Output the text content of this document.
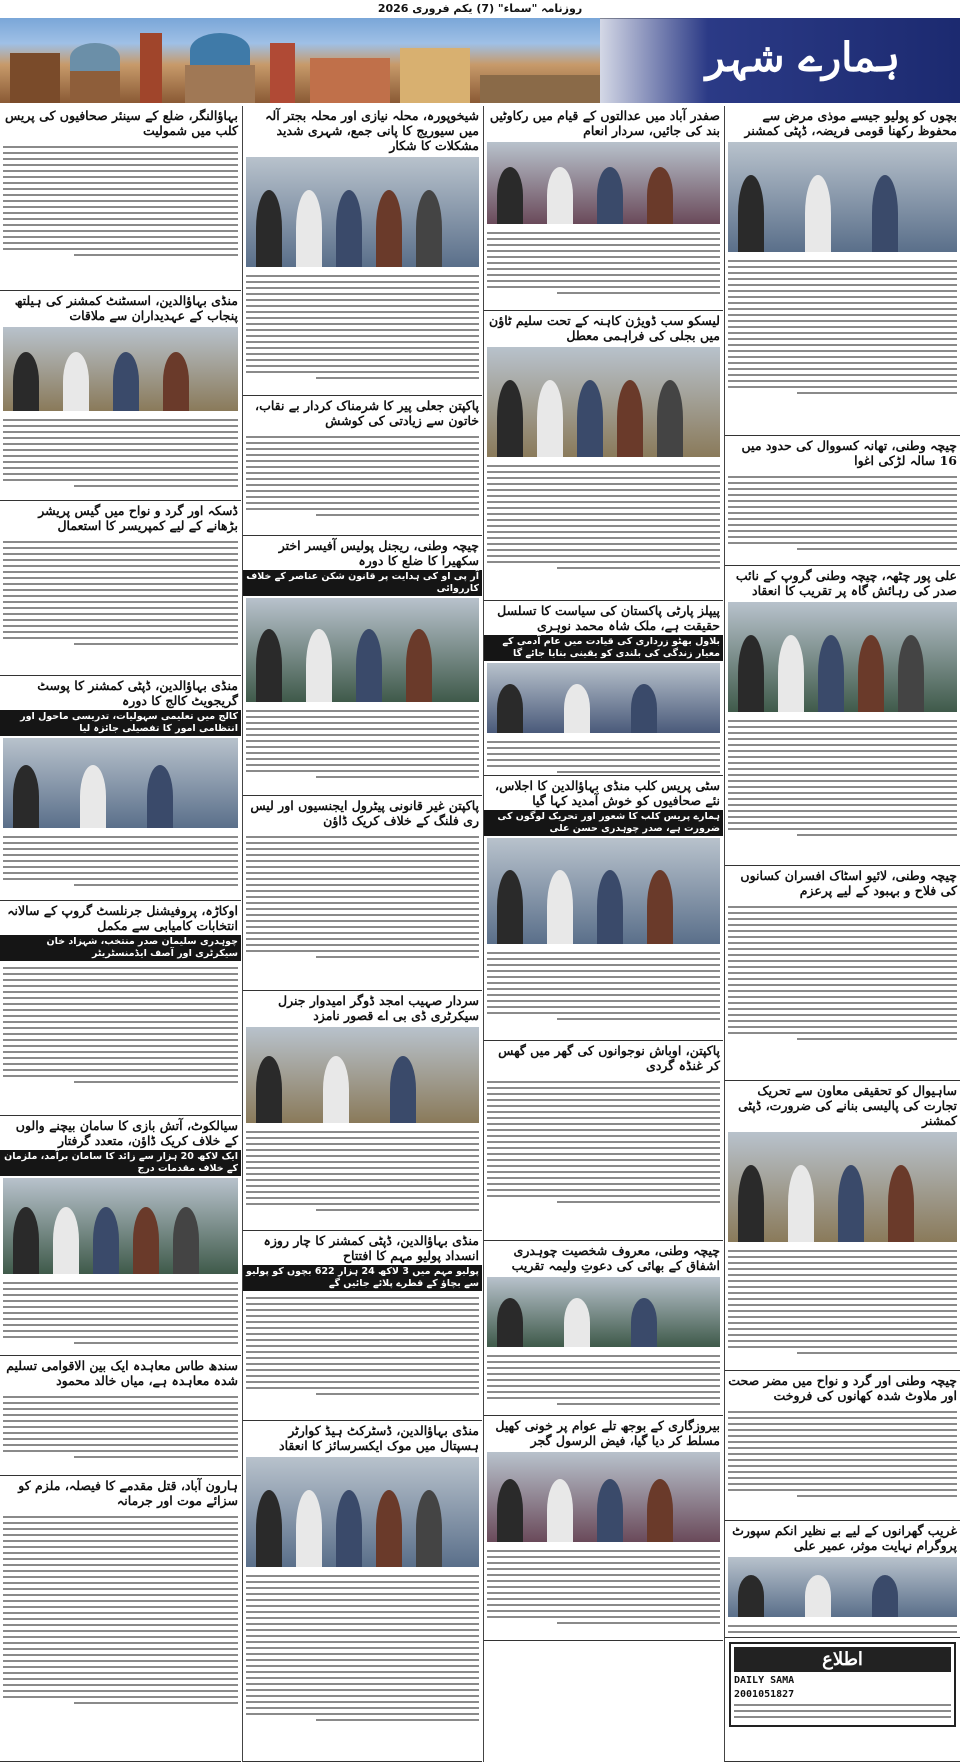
روزنامہ "سماء" (7) یکم فروری 2026
ہمارے شہر
بچوں کو پولیو جیسے موذی مرض سے محفوظ رکھنا قومی فریضہ، ڈپٹی کمشنر
چیچہ وطنی، تھانہ کسووال کی حدود میں 16 سالہ لڑکی اغوا
علی پور چٹھہ، چیچہ وطنی گروپ کے نائب صدر کی رہائش گاہ پر تقریب کا انعقاد
چیچہ وطنی، لائیو اسٹاک افسران کسانوں کی فلاح و بہبود کے لیے پرعزم
ساہیوال کو تحقیقی معاون سے تحریک تجارت کی پالیسی بنانے کی ضرورت، ڈپٹی کمشنر
چیچہ وطنی اور گرد و نواح میں مضر صحت اور ملاوٹ شدہ کھانوں کی فروخت
غریب گھرانوں کے لیے بے نظیر انکم سپورٹ پروگرام نہایت موثر، عمیر علی
اطلاع
DAILY SAMA
2001051827
صفدر آباد میں عدالتوں کے قیام میں رکاوٹیں بند کی جائیں، سردار انعام
لیسکو سب ڈویژن کاہنہ کے تحت سلیم ٹاؤن میں بجلی کی فراہمی معطل
پیپلز پارٹی پاکستان کی سیاست کا تسلسل حقیقت ہے، ملک شاہ محمد نوہری
بلاول بھٹو زرداری کی قیادت میں عام آدمی کے معیار زندگی کی بلندی کو یقینی بنایا جائے گا
سٹی پریس کلب منڈی بہاؤالدین کا اجلاس، نئے صحافیوں کو خوش آمدید کہا گیا
ہمارے پریس کلب کا شعور اور تحریک لوگوں کی ضرورت ہے، صدر چوہدری حسن علی
پاکپتن، اوباش نوجوانوں کی گھر میں گھس کر غنڈہ گردی
چیچہ وطنی، معروف شخصیت چوہدری اشفاق کے بھائی کی دعوتِ ولیمہ تقریب
بیروزگاری کے بوجھ تلے عوام پر خونی کھیل مسلط کر دیا گیا، فیض الرسول گجر
شیخوپورہ، محلہ نیازی اور محلہ بجتر آلہ میں سیوریج کا پانی جمع، شہری شدید مشکلات کا شکار
پاکپتن جعلی پیر کا شرمناک کردار بے نقاب، خاتون سے زیادتی کی کوشش
چیچہ وطنی، ریجنل پولیس آفیسر اختر سکھیرا کا ضلع کا دورہ
آر پی او کی ہدایت پر قانون شکن عناصر کے خلاف کارروائی
پاکپتن غیر قانونی پیٹرول ایجنسیوں اور لیس ری فلنگ کے خلاف کریک ڈاؤن
سردار صہیب امجد ڈوگر امیدوار جنرل سیکرٹری ڈی بی اے قصور نامزد
منڈی بہاؤالدین، ڈپٹی کمشنر کا چار روزہ انسداد پولیو مہم کا افتتاح
پولیو مہم میں 3 لاکھ 24 ہزار 622 بچوں کو پولیو سے بچاؤ کے قطرے پلائے جائیں گے
منڈی بہاؤالدین، ڈسٹرکٹ ہیڈ کوارٹر ہسپتال میں موک ایکسرسائز کا انعقاد
بہاؤالنگر، ضلع کے سینئر صحافیوں کی پریس کلب میں شمولیت
منڈی بہاؤالدین، اسسٹنٹ کمشنر کی ہیلتھ پنجاب کے عہدیداران سے ملاقات
ڈسکہ اور گرد و نواح میں گیس پریشر بڑھانے کے لیے کمپریسر کا استعمال
منڈی بہاؤالدین، ڈپٹی کمشنر کا پوسٹ گریجویٹ کالج کا دورہ
کالج میں تعلیمی سہولیات، تدریسی ماحول اور انتظامی امور کا تفصیلی جائزہ لیا
اوکاڑہ، پروفیشنل جرنلسٹ گروپ کے سالانہ انتخابات کامیابی سے مکمل
چوہدری سلیمان صدر منتخب، شہزاد خان سیکرٹری اور آصف ایڈمنسٹریٹر
سیالکوٹ، آتش بازی کا سامان بیچنے والوں کے خلاف کریک ڈاؤن، متعدد گرفتار
ایک لاکھ 20 ہزار سے زائد کا سامان برآمد، ملزمان کے خلاف مقدمات درج
سندھ طاس معاہدہ ایک بین الاقوامی تسلیم شدہ معاہدہ ہے، میاں خالد محمود
ہارون آباد، قتل مقدمے کا فیصلہ، ملزم کو سزائے موت اور جرمانہ
